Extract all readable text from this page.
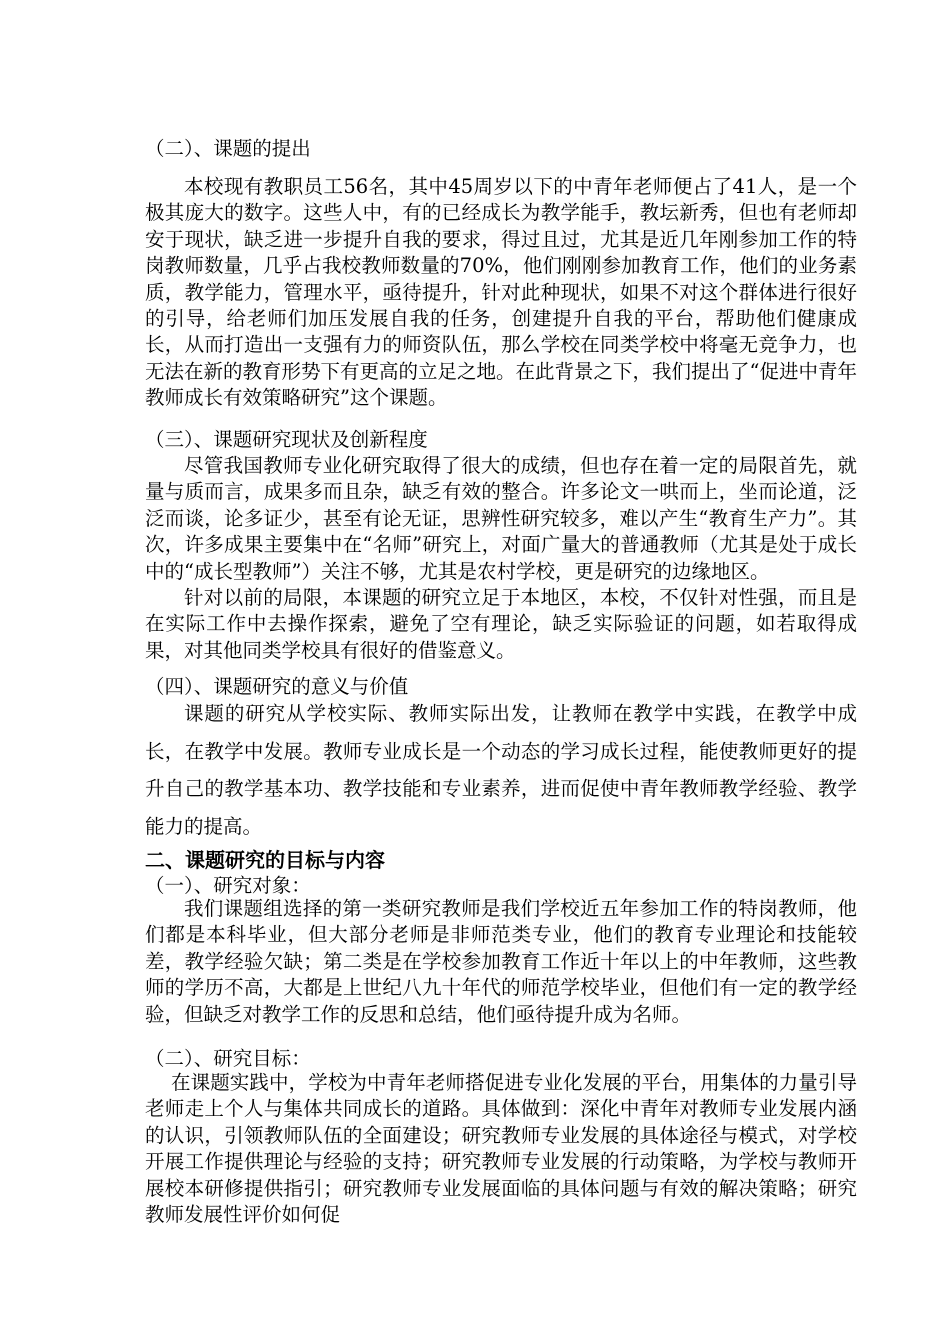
（二）、课题的提出

本校现有教职员工56名，其中45周岁以下的中青年老师便占了41人，是一个极其庞大的数字。这些人中，有的已经成长为教学能手，教坛新秀，但也有老师却安于现状，缺乏进一步提升自我的要求，得过且过，尤其是近几年刚参加工作的特岗教师数量，几乎占我校教师数量的70%，他们刚刚参加教育工作，他们的业务素质，教学能力，管理水平，亟待提升，针对此种现状，如果不对这个群体进行很好的引导，给老师们加压发展自我的任务，创建提升自我的平台，帮助他们健康成长，从而打造出一支强有力的师资队伍，那么学校在同类学校中将毫无竞争力，也无法在新的教育形势下有更高的立足之地。在此背景之下，我们提出了“促进中青年教师成长有效策略研究”这个课题。

（三）、课题研究现状及创新程度

尽管我国教师专业化研究取得了很大的成绩，但也存在着一定的局限首先，就量与质而言，成果多而且杂，缺乏有效的整合。许多论文一哄而上，坐而论道，泛泛而谈，论多证少，甚至有论无证，思辨性研究较多，难以产生“教育生产力”。其次，许多成果主要集中在“名师”研究上，对面广量大的普通教师（尤其是处于成长中的“成长型教师”）关注不够，尤其是农村学校，更是研究的边缘地区。

针对以前的局限，本课题的研究立足于本地区，本校，不仅针对性强，而且是在实际工作中去操作探索，避免了空有理论，缺乏实际验证的问题，如若取得成果，对其他同类学校具有很好的借鉴意义。

（四）、课题研究的意义与价值

课题的研究从学校实际、教师实际出发，让教师在教学中实践，在教学中成长，在教学中发展。教师专业成长是一个动态的学习成长过程，能使教师更好的提升自己的教学基本功、教学技能和专业素养，进而促使中青年教师教学经验、教学能力的提高。

二、课题研究的目标与内容

（一）、研究对象：

我们课题组选择的第一类研究教师是我们学校近五年参加工作的特岗教师，他们都是本科毕业，但大部分老师是非师范类专业，他们的教育专业理论和技能较差，教学经验欠缺；第二类是在学校参加教育工作近十年以上的中年教师，这些教师的学历不高，大都是上世纪八九十年代的师范学校毕业，但他们有一定的教学经验，但缺乏对教学工作的反思和总结，他们亟待提升成为名师。

（二）、研究目标：

在课题实践中，学校为中青年老师搭促进专业化发展的平台，用集体的力量引导老师走上个人与集体共同成长的道路。具体做到：深化中青年对教师专业发展内涵的认识，引领教师队伍的全面建设；研究教师专业发展的具体途径与模式，对学校开展工作提供理论与经验的支持；研究教师专业发展的行动策略，为学校与教师开展校本研修提供指引；研究教师专业发展面临的具体问题与有效的解决策略；研究教师发展性评价如何促
